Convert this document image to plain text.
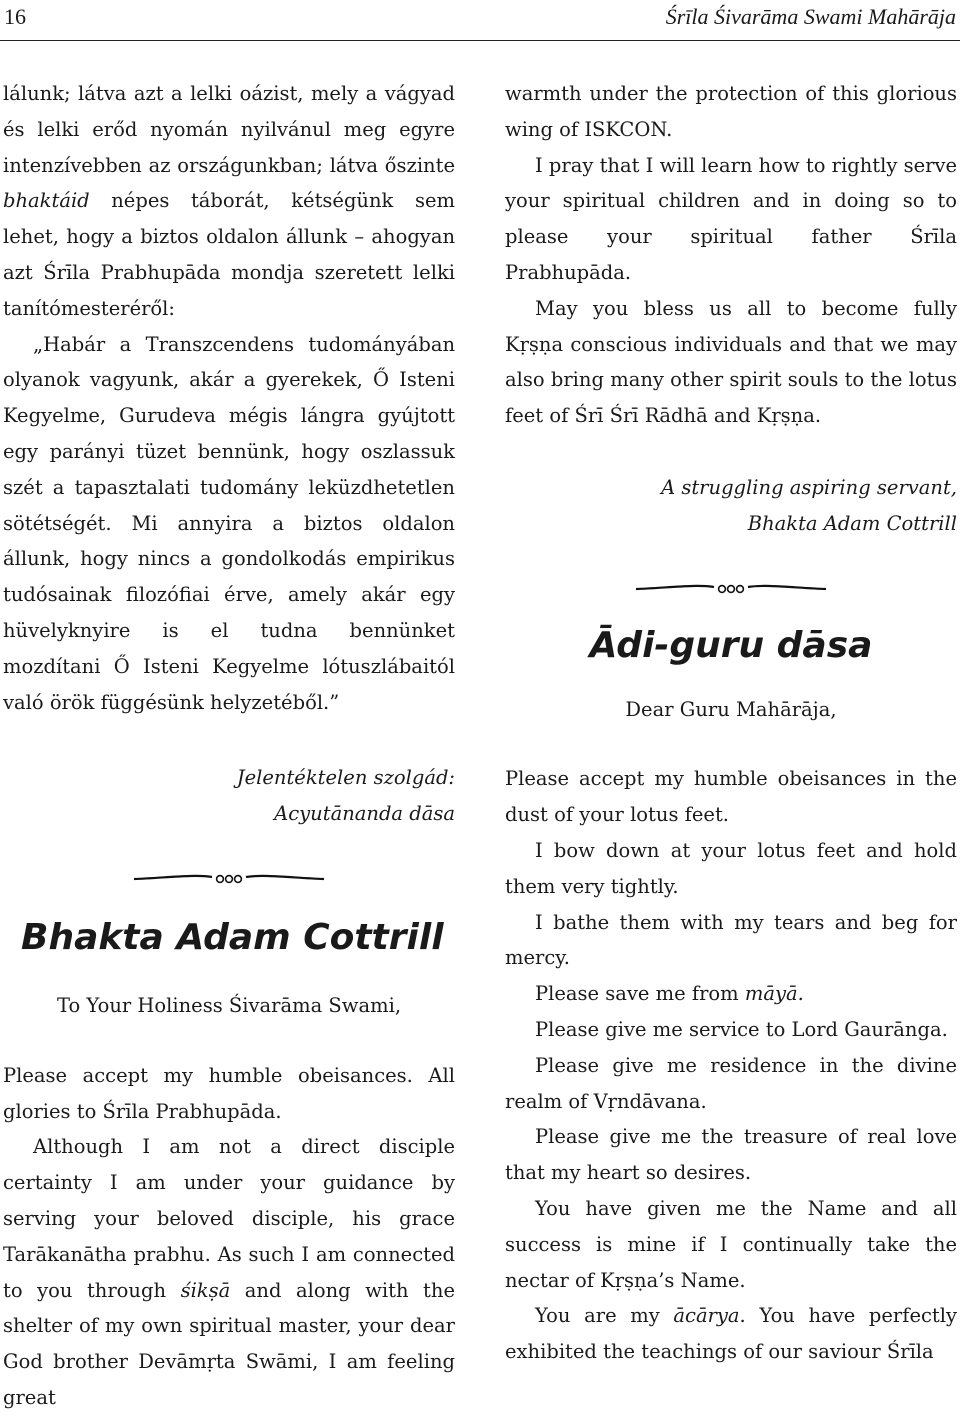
16	Śrīla Śivarāma Swami Mahārāja

lálunk; látva azt a lelki oázist, mely a vágyad és lelki erőd nyomán nyilvánul meg egyre intenzívebben az országunkban; látva őszinte bhaktáid népes táborát, kétségünk sem lehet, hogy a biztos oldalon állunk – ahogyan azt Śrīla Prabhupāda mondja szeretett lelki tanítómesteréről:

„Habár a Transzcendens tudományában olyanok vagyunk, akár a gyerekek, Ő Isteni Kegyelme, Gurudeva mégis lángra gyújtott egy parányi tüzet bennünk, hogy oszlassuk szét a tapasztalati tudomány leküzdhetetlen sötétségét. Mi annyira a biztos oldalon állunk, hogy nincs a gondolkodás empirikus tudósainak filozófiai érve, amely akár egy hüvelyknyire is el tudna bennünket mozdítani Ő Isteni Kegyelme lótuszlábaitól való örök függésünk helyzetéből.”

Jelentéktelen szolgád:
Acyutānanda dāsa
Bhakta Adam Cottrill
To Your Holiness Śivarāma Swami,

Please accept my humble obeisances. All glories to Śrīla Prabhupāda.

Although I am not a direct disciple certainty I am under your guidance by serving your beloved disciple, his grace Tarākanātha prabhu. As such I am connected to you through śikṣā and along with the shelter of my own spiritual master, your dear God brother Devāmṛta Swāmi, I am feeling great

warmth under the protection of this glorious wing of ISKCON.

I pray that I will learn how to rightly serve your spiritual children and in doing so to please your spiritual father Śrīla Prabhupāda.

May you bless us all to become fully Kṛṣṇa conscious individuals and that we may also bring many other spirit souls to the lotus feet of Śrī Śrī Rādhā and Kṛṣṇa.

A struggling aspiring servant,
Bhakta Adam Cottrill
Ādi-guru dāsa
Dear Guru Mahārāja,

Please accept my humble obeisances in the dust of your lotus feet.

I bow down at your lotus feet and hold them very tightly.

I bathe them with my tears and beg for mercy.

Please save me from māyā.

Please give me service to Lord Gaurānga.

Please give me residence in the divine realm of Vṛndāvana.

Please give me the treasure of real love that my heart so desires.

You have given me the Name and all success is mine if I continually take the nectar of Kṛṣṇa’s Name.

You are my ācārya. You have perfectly exhibited the teachings of our saviour Śrīla
